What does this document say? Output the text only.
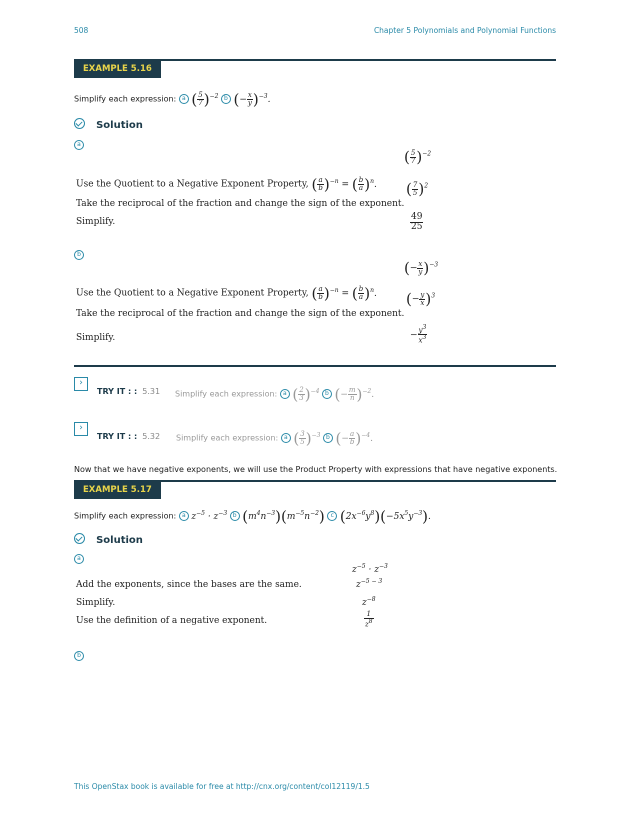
508	Chapter 5 Polynomials and Polynomial Functions
EXAMPLE 5.16
Simplify each expression: a ( $\frac{5}{7} )^{-2}$ b (− $\frac{x}{y} )^{-3}$.
Solution
a
( $\frac{5}{7} )^{-2}$
Use the Quotient to a Negative Exponent Property, ( $\frac{a}{b} )^{-n}$ = ( $\frac{b}{a} )^n$. ( $\frac{7}{5} )^2$
Take the reciprocal of the fraction and change the sign of the exponent.
Simplify.	$\frac{49}{25}$
b
(− $\frac{x}{y} )^{-3}$
Use the Quotient to a Negative Exponent Property, ( $\frac{a}{b} )^{-n}$ = ( $\frac{b}{a} )^n$. (− $\frac{y}{x} )^3$
Take the reciprocal of the fraction and change the sign of the exponent.
Simplify.	− $\frac{y^3}{x^3}$
›
TRY IT : : 5.31 Simplify each expression: a ( $\frac{2}{3} )^{-4}$ b (− $\frac{m}{n} )^{-2}$.
›
TRY IT : : 5.32 Simplify each expression: a ( $\frac{3}{5} )^{-3}$ b (− $\frac{a}{b} )^{-4}$.
Now that we have negative exponents, we will use the Product Property with expressions that have negative exponents.
EXAMPLE 5.17
Simplify each expression: a $z^{-5} \cdot z^{-3}$ b $(m^4n^{-3})(m^{-5}n^{-2})$ c $(2x^{-6}y^8)(-5x^5y^{-3})$.
Solution
a
$z^{-5} \cdot z^{-3}$
Add the exponents, since the bases are the same.	$z^{-5 - 3}$
Simplify.	$z^{-8}$
Use the definition of a negative exponent.	$\frac{1}{z^8}$
b
This OpenStax book is available for free at http://cnx.org/content/col12119/1.5
